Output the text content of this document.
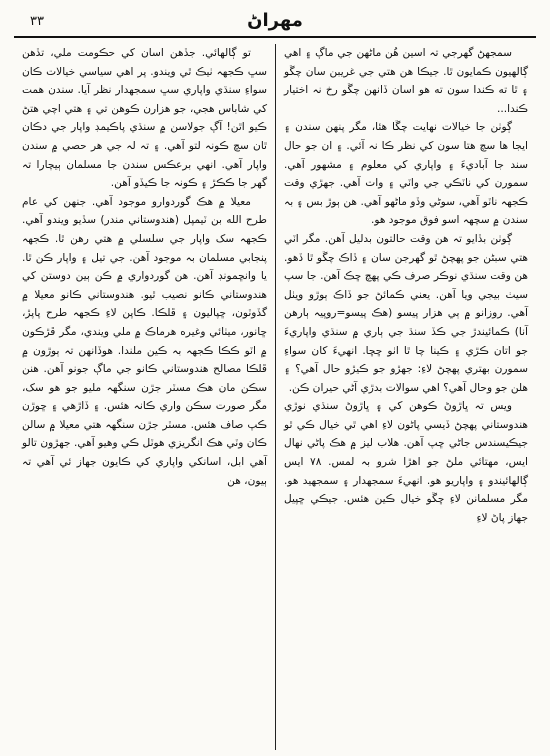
٣٣	مهراڻ

سمجهڻ گهرجي تہ اسين هُن ماڻهن جي ماڳ ۽ اهي ڳالهيون ڪمايون ٿا. جيڪا هن هتي جي غريبن سان چڱو ۽ ٿا ته ڪندا سون ته هو اسان ڏانهن چڱو رخ نہ اختيار ڪندا...

ڳوٺن جا خيالات نهايت چڱا هئا، مگر پنهن سندن ۽ ايجا ها سچ هتا سون کي نظر ڪا نہ آئي. ۽ ان جو حال سند جا آباديءَ ۽ واپاري کي معلوم ۽ مشهور آهي. سمورن کي ناٽڪي جي واٽي ۽ وات آهي. جهڙي وقت ڪجهہ ناٽو آهي، سوڻي وڏو ماڻهو آهي. هن ٻوڙ بس ۽ بہ سندن ۾ سچهہ اسو فوق موجود هو.

ڳوٺن بڏايو تہ هن وقت حالتون بدليل آهن. مگر اٽي هتي سبڻن جو پهچڻ ٿو گهرجن سان ۽ ڏاڪ چڱو ٿا ڏهو. هن وقت سنڌي نوڪر صرف ڪي پهچ ڇڪ آهن. جا سپ سيٺ بيجي ويا آهن. يعني ڪمائڻ جو ڏاڪ ٻوڙو ويٺل آهي. روزانو ۾ ٻي هزار پيسو (هڪ پيسو=روپيہ ٻارهن آنا) ڪمائيندڙ جي ڪڏ سنڌ جي ٻاري ۾ سنڌي واپاريءَ جو اتان ڪڙي ۽ ڪينا چا ٿا اٺو ڇڇا. انهيءَ کان سواءِ سمورن بهتري پهچڻ لاءِ: جهڙو جو ڪيڙو حال آهي؟ ۽ هلن جو وحال آهي؟ اهي سوالات بدڙي آڻي حيران ڪن.

ويس تہ ڀاڙوڻ ڪوهن کي ۽ ڀاڙوڻ سنڌي نوڙي هندوستاني پهچڻ ڏيسي پاڻون لاءِ اهي ٿي خيال ڪي ٿو جيڪيسندس جاڻي ڇپ آهن. هلاب ليز ۾ هڪ پاڻي نهال ايس، مهتائي ملڻ جو اهڙا شرو بہ لمس. ٧٨ ايس ڳالهائيندو ۽ واپاريو هو. انهيءَ سمجهدار ۽ سمجهيد هو. مگر مسلمانن لاءِ ڇڱو خيال ڪين هئس. جيڪي ڇپيل جهاز پاڻ لاءِ

تو ڳالهائي. جڏهن اسان کي حڪومت ملي، تڏهن سڀ ڪجهہ ٺيڪ ٿي ويندو. پر اهي سياسي خيالات ڪان سواءِ سنڌي واپاري سڀ سمجهدار نظر آيا. سندن همت کي شاباس هجي، جو هزارن ڪوهن تي ۽ هتي اچي هتڻ ڪيو اٿن! آڳ جولاسن ۾ سنڌي پاڪيمڊ واپار جي دڪان ٿان سچ ڪونہ لتو آهي. ۽ تہ لہ جي هر حصي ۾ سندن واپار آهي. انهي برعڪس سندن جا مسلمان ٻيچارا تہ گهر جا ڪڪڙ ۽ ڪونہ جا ڪيڏو آهن.

معيلا ۾ هڪ گوردوارو موجود آهي. جنهن کي عام طرح الله بن ٽيمپل (هندوستاني مندر) سڏيو ويندو آهي. ڪجهہ سک واپار جي سلسلي ۾ هتي رهن ٿا. ڪجهہ پنجابي مسلمان بہ موجود آهن. جي تيل ۽ واپار ڪن ٿا. يا وانڇمونڊ آهن. هن گوردواري ۾ ڪن ٻين دوستن کي هندوستاني ڪانو نصيب ٿيو. هندوستاني ڪانو معيلا ۾ گڏوٽون، ڇپاليون ۽ ڦلڪا. ڪاپن لاءِ ڪجهہ طرح پاپڙ، ڇانور، ميٺائي وغيره هرماڪ ۾ ملي ويندي، مگر ڦڙڪون ۾ اٽو ڪڪا ڪجهہ بہ ڪين ملندا. هوڏانهن تہ ٻوڙون ۾ ڦلڪا مصالح هندوستاني ڪانو جي ماڳ جونو آهن. هنن سڪن مان هڪ مسٽر جڙن سنگهہ مليو جو هو سک، مگر صورت سڪن واري ڪانہ هئس. ۽ ڏاڙهي ۽ ڇوڙن ڪپ صاف هئس. مسٽر جڙن سنگهہ هتي معيلا ۾ سالن ڪان وٽي هڪ انگريزي هوٽل ڪي وهيو آهي. جهڙون تالو آهي ابل، اسانکي واپاري کي ڪايون جهاز ئي آهي تہ ٻيون، هن
